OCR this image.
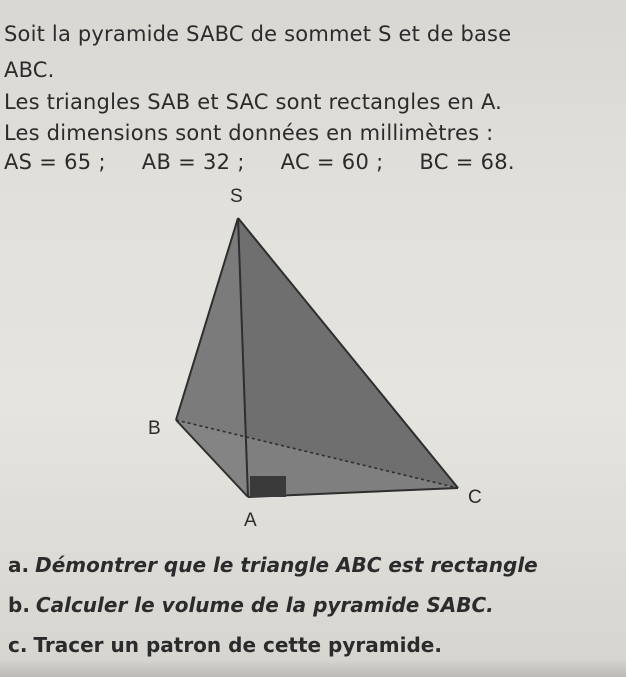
Soit la pyramide SABC de sommet S et de base

ABC.

Les triangles SAB et SAC sont rectangles en A.

Les dimensions sont données en millimètres :

AS = 65 ; AB = 32 ; AC = 60 ; BC = 68.
S
B
A
C
a. Démontrer que le triangle ABC est rectangle
b. Calculer le volume de la pyramide SABC.
c. Tracer un patron de cette pyramide.
